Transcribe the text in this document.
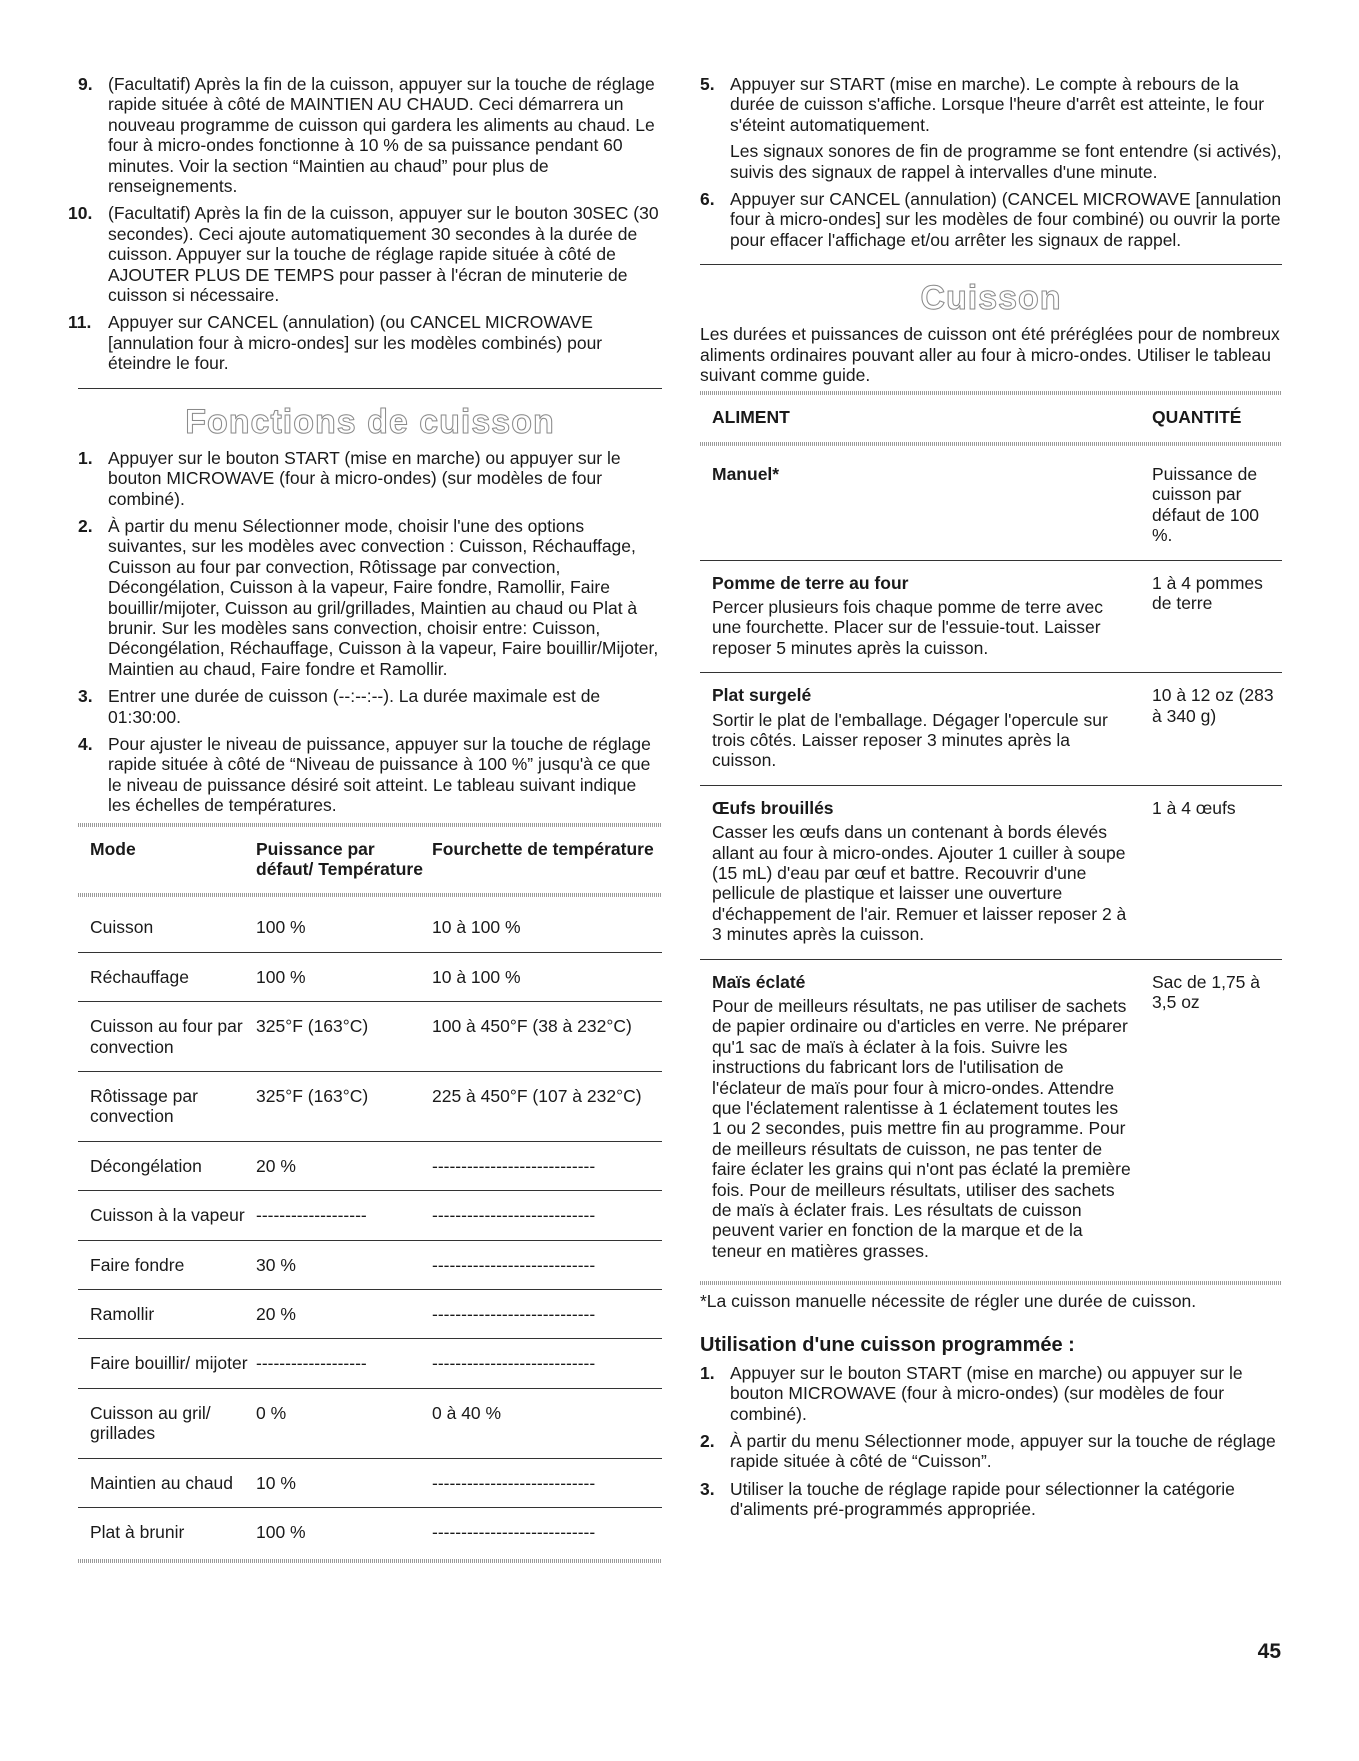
9. (Facultatif) Après la fin de la cuisson, appuyer sur la touche de réglage rapide située à côté de MAINTIEN AU CHAUD. Ceci démarrera un nouveau programme de cuisson qui gardera les aliments au chaud. Le four à micro-ondes fonctionne à 10 % de sa puissance pendant 60 minutes. Voir la section “Maintien au chaud” pour plus de renseignements.

10. (Facultatif) Après la fin de la cuisson, appuyer sur le bouton 30SEC (30 secondes). Ceci ajoute automatiquement 30 secondes à la durée de cuisson. Appuyer sur la touche de réglage rapide située à côté de AJOUTER PLUS DE TEMPS pour passer à l'écran de minuterie de cuisson si nécessaire.

11. Appuyer sur CANCEL (annulation) (ou CANCEL MICROWAVE [annulation four à micro-ondes] sur les modèles combinés) pour éteindre le four.

Fonctions de cuisson
1. Appuyer sur le bouton START (mise en marche) ou appuyer sur le bouton MICROWAVE (four à micro-ondes) (sur modèles de four combiné).

2. À partir du menu Sélectionner mode, choisir l'une des options suivantes, sur les modèles avec convection : Cuisson, Réchauffage, Cuisson au four par convection, Rôtissage par convection, Décongélation, Cuisson à la vapeur, Faire fondre, Ramollir, Faire bouillir/mijoter, Cuisson au gril/grillades, Maintien au chaud ou Plat à brunir. Sur les modèles sans convection, choisir entre: Cuisson, Décongélation, Réchauffage, Cuisson à la vapeur, Faire bouillir/Mijoter, Maintien au chaud, Faire fondre et Ramollir.

3. Entrer une durée de cuisson (--:--:--). La durée maximale est de 01:30:00.

4. Pour ajuster le niveau de puissance, appuyer sur la touche de réglage rapide située à côté de “Niveau de puissance à 100 %” jusqu'à ce que le niveau de puissance désiré soit atteint. Le tableau suivant indique les échelles de températures.

Mode	Puissance par défaut/ Température	Fourchette de température

Cuisson	100 %	10 à 100 %
Réchauffage	100 %	10 à 100 %
Cuisson au four par convection	325°F (163°C)	100 à 450°F (38 à 232°C)
Rôtissage par convection	325°F (163°C)	225 à 450°F (107 à 232°C)
Décongélation	20 %	----------------------------
Cuisson à la vapeur	-------------------	----------------------------
Faire fondre	30 %	----------------------------
Ramollir	20 %	----------------------------
Faire bouillir/ mijoter	-------------------	----------------------------
Cuisson au gril/ grillades	0 %	0 à 40 %
Maintien au chaud	10 %	----------------------------
Plat à brunir	100 %	----------------------------
5. Appuyer sur START (mise en marche). Le compte à rebours de la durée de cuisson s'affiche. Lorsque l'heure d'arrêt est atteinte, le four s'éteint automatiquement.

Les signaux sonores de fin de programme se font entendre (si activés), suivis des signaux de rappel à intervalles d'une minute.

6. Appuyer sur CANCEL (annulation) (CANCEL MICROWAVE [annulation four à micro-ondes] sur les modèles de four combiné) ou ouvrir la porte pour effacer l'affichage et/ou arrêter les signaux de rappel.

Cuisson

Les durées et puissances de cuisson ont été préréglées pour de nombreux aliments ordinaires pouvant aller au four à micro-ondes. Utiliser le tableau suivant comme guide.

ALIMENT	QUANTITÉ

Manuel*	Puissance de cuisson par défaut de 100 %.

Pomme de terre au four
Percer plusieurs fois chaque pomme de terre avec une fourchette. Placer sur de l'essuie-tout. Laisser reposer 5 minutes après la cuisson.	1 à 4 pommes de terre

Plat surgelé
Sortir le plat de l'emballage. Dégager l'opercule sur trois côtés. Laisser reposer 3 minutes après la cuisson.	10 à 12 oz (283 à 340 g)

Œufs brouillés
Casser les œufs dans un contenant à bords élevés allant au four à micro-ondes. Ajouter 1 cuiller à soupe (15 mL) d'eau par œuf et battre. Recouvrir d'une pellicule de plastique et laisser une ouverture d'échappement de l'air. Remuer et laisser reposer 2 à 3 minutes après la cuisson.	1 à 4 œufs

Maïs éclaté
Pour de meilleurs résultats, ne pas utiliser de sachets de papier ordinaire ou d'articles en verre. Ne préparer qu'1 sac de maïs à éclater à la fois. Suivre les instructions du fabricant lors de l'utilisation de l'éclateur de maïs pour four à micro-ondes. Attendre que l'éclatement ralentisse à 1 éclatement toutes les 1 ou 2 secondes, puis mettre fin au programme. Pour de meilleurs résultats de cuisson, ne pas tenter de faire éclater les grains qui n'ont pas éclaté la première fois. Pour de meilleurs résultats, utiliser des sachets de maïs à éclater frais. Les résultats de cuisson peuvent varier en fonction de la marque et de la teneur en matières grasses.	Sac de 1,75 à 3,5 oz

*La cuisson manuelle nécessite de régler une durée de cuisson.

Utilisation d'une cuisson programmée :
1. Appuyer sur le bouton START (mise en marche) ou appuyer sur le bouton MICROWAVE (four à micro-ondes) (sur modèles de four combiné).

2. À partir du menu Sélectionner mode, appuyer sur la touche de réglage rapide située à côté de “Cuisson”.

3. Utiliser la touche de réglage rapide pour sélectionner la catégorie d'aliments pré-programmés appropriée.

45
